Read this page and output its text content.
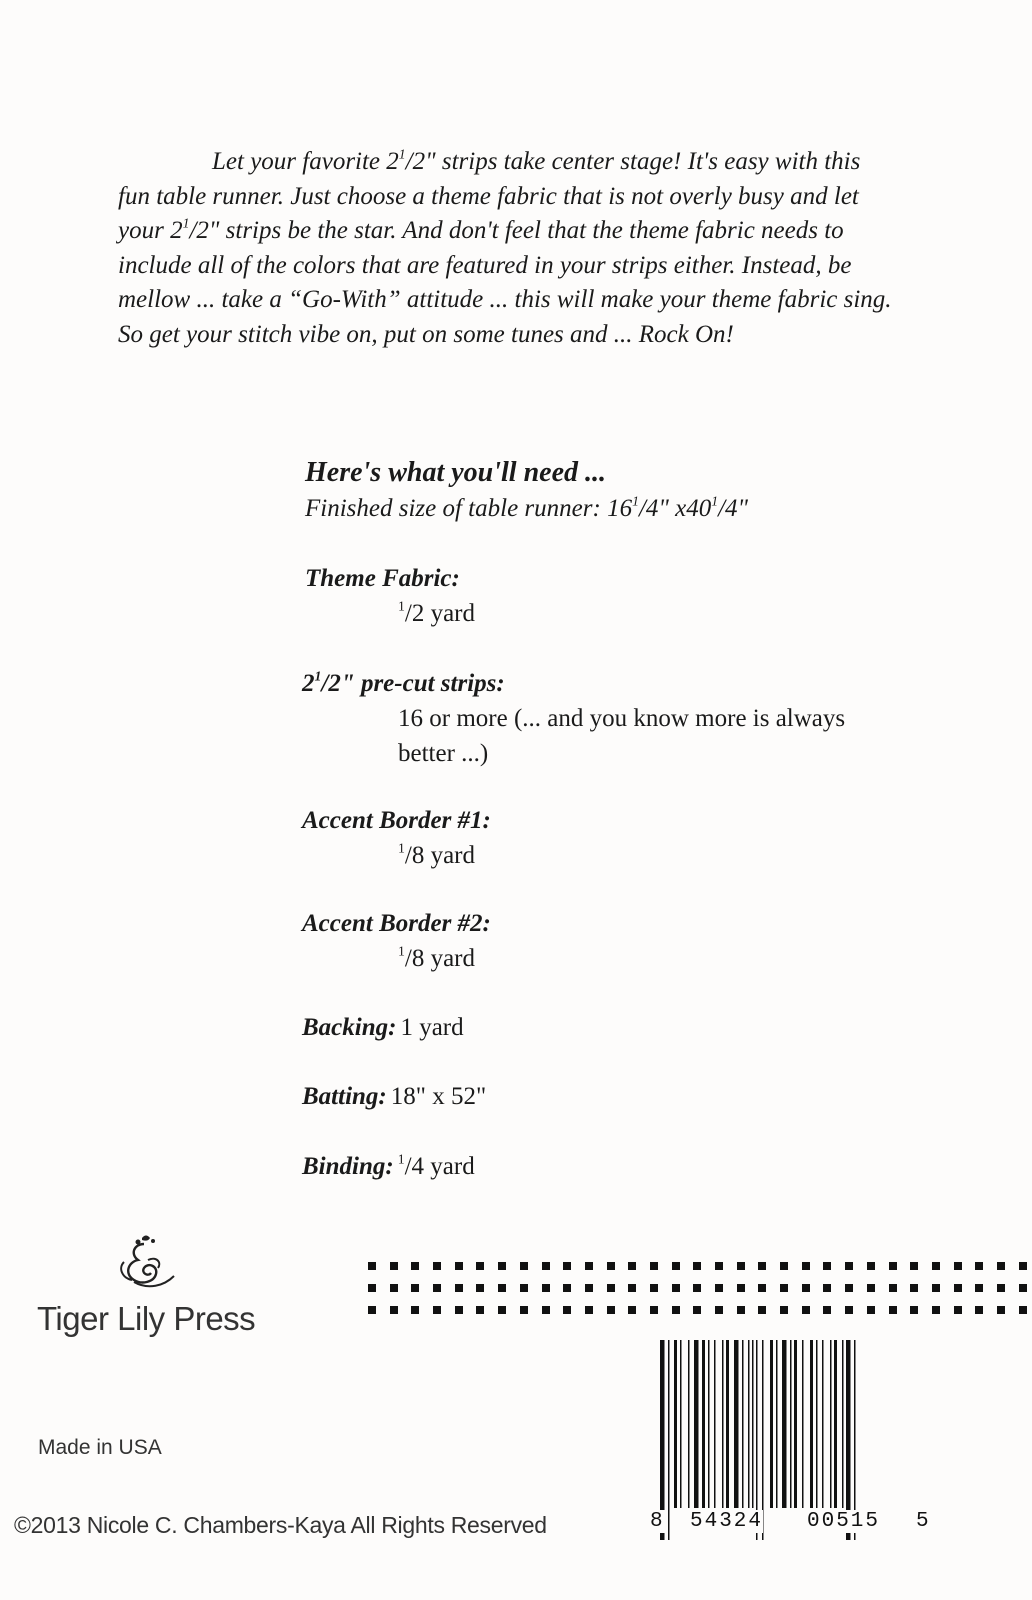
Let your favorite $2^1/2$" strips take center stage! It's easy with this fun table runner. Just choose a theme fabric that is not overly busy and let your $2^1/2$" strips be the star. And don't feel that the theme fabric needs to include all of the colors that are featured in your strips either. Instead, be mellow ... take a “Go-With” attitude ... this will make your theme fabric sing. So get your stitch vibe on, put on some tunes and ... Rock On!

Here's what you'll need ...

Finished size of table runner: $16^1/4$" $x40^1/4$"

Theme Fabric:

$^1$/2 yard

$2^1/2$" pre-cut strips:

16 or more (... and you know more is always better ...)

Accent Border #1:

$^1$/8 yard

Accent Border #2:

$^1$/8 yard

Backing: 1 yard

Batting: 18" x 52"

Binding: $^1$/4 yard

Tiger Lily Press

Made in USA

©2013 Nicole C. Chambers-Kaya All Rights Reserved	8 54324 00515 5
